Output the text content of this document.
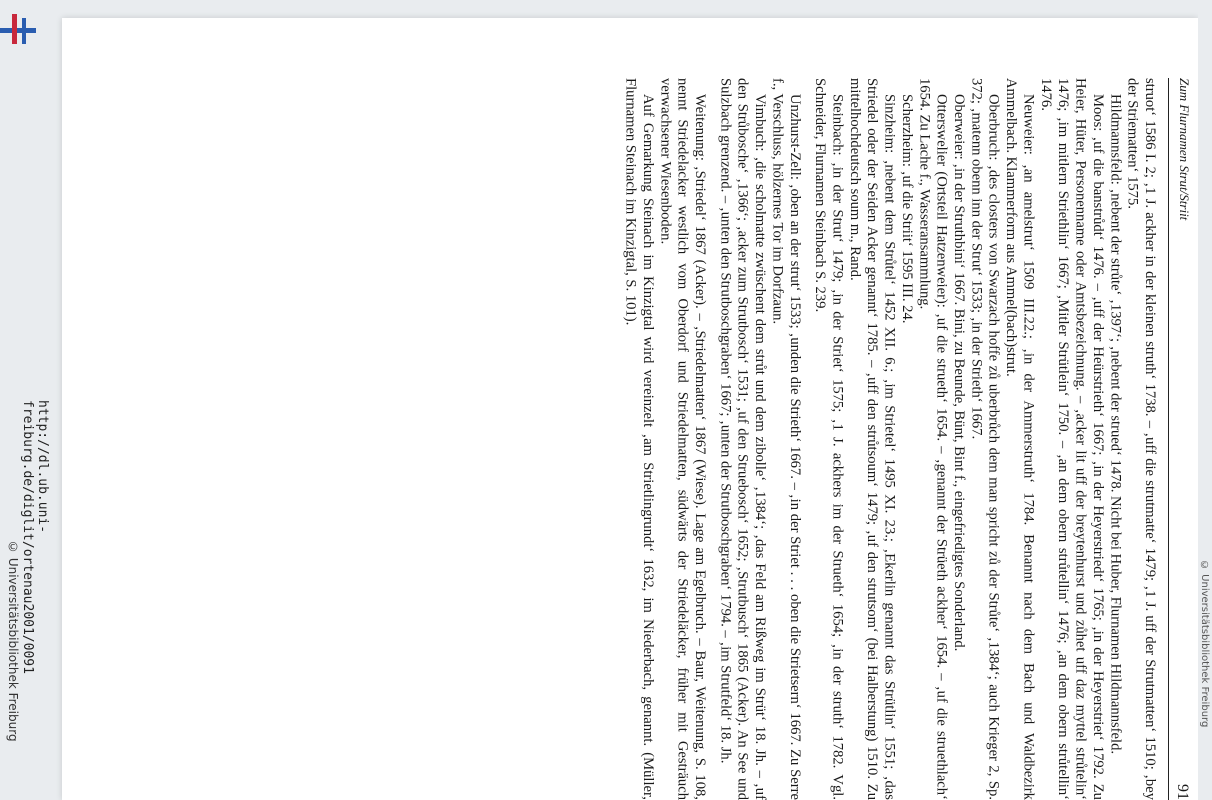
Zum Flurnamen Strut/Striit
91

struot‘ 1586 I. 2; ‚1 J. ackher in der kleinen struth‘ 1738. – ‚uff die strutmatte‘ 1479; ‚1 J. uff der Strutmatten‘ 1510; ‚bey der Striematten‘ 1575.

Hildmannsfeld: ‚nebent der strůte‘ ‚1397‘; ‚nebent der strued‘ 1478. Nicht bei Huber, Flurnamen Hildmannsfeld.

Moos: ‚uf die banstrůdt‘ 1476. – ‚uff der Heürstrieth‘ 1667; ‚in der Heyerstriedt‘ 1765; ‚in der Heyerstriet‘ 1792. Zu Heier, Hüter, Personenname oder Amtsbezeichnung. – ‚acker lit uff der breytenhurst und zůhet uff daz myttel strůtelin‘ 1476; ‚im mitlern Striethlin‘ 1667; ‚Mitler Strütlein‘ 1750. – ‚an dem obern strůtellin‘ 1476; ‚an dem obern strůtellin‘ 1476.

Neuweier: ‚an amelstrut‘ 1509 III.22.; ‚in der Ammerstruth‘ 1784. Benannt nach dem Bach und Waldbezirk Ammelbach. Klammerform aus Ammel(bach)strut.

Oberbruch: ‚des closters von Swarzach hoffe zů uberbrůch dem man spricht zů der Strůte‘ ‚1384‘; auch Krieger 2, Sp. 372; ‚matenn obenn inn der Strut‘ 1533; ‚in der Strieth‘ 1667.

Oberweier: ‚in der Struthbini‘ 1667. Bini, zu Beunde, Bünt, Bint f., eingefriedigtes Sonderland.

Otterswelier (Ortsteil Hatzenweier): ‚uf die strueth‘ 1654. – ‚genannt der Strüeth ackher‘ 1654. – ‚uf die struethlach‘ 1654. Zu Lache f., Wasseransammlung.

Scherzheim: ‚uf die Striit‘ 1595 III. 24.

Sinzheim: ‚nebent dem Strůtel‘ 1452 XII. 6.; ‚im Strietel‘ 1495 XI. 23.; ‚Ekerlin genannt das Strütlin‘ 1551; ‚das Striedel oder der Seiden Acker genannt‘ 1785. – ‚uff den strůtsoum‘ 1479; ‚uf den strutsom‘ (bei Halberstung) 1510. Zu mittelhochdeutsch soum m., Rand.

Steinbach: ‚in der Strut‘ 1479; ‚in der Striet‘ 1575; ‚1 J. ackhers im der Strueth‘ 1654; ‚in der struth‘ 1782. Vgl. Schneider, Flurnamen Steinbach S. 239.

Unzhurst-Zell: ‚oben an der strut‘ 1533; ‚unden die Strieth‘ 1667. – ‚in der Striet . . . oben die Strietsern‘ 1667. Zu Serre f., Verschluss, hölzernes Tor im Dorfzaun.

Vimbuch: ‚die scholmatte zwüschent dem strůt und dem zibolle‘ ‚1384‘; ‚das Feld am Rißweg im Strüt‘ 18. Jh. – ‚uf den Strůbosche‘ ‚1366‘; ‚acker zum Strutbosch‘ 1531; ‚uf den Struebosch‘ 1652; ‚Strutbusch‘ 1865 (Acker). An See und Sulzbach grenzend. – ‚unten den Strutboschgraben‘ 1667; ‚unten der Strutboschgraben‘ 1794. – ‚im Strutfeld‘ 18. Jh.

Weitenung: ‚Striedel‘ 1867 (Acker). – ‚Striedelmatten‘ 1867 (Wiese). Lage am Egelbruch. – Baur, Weitenung, S. 108, nennt Striedelacker westlich vom Oberdorf und Striedelmatten, südwärts der Striedeläcker, früher mit Gesträuch verwachsener Wiesenboden.

Auf Gemarkung Steinach im Kinzigtal wird vereinzelt ‚am Strietlingrundt‘ 1632, im Niederbach, genannt. (Müller, Flurnamen Steinach im Kinzigtal, S. 101).

http://dl.ub.uni-freiburg.de/diglit/ortenau2001/0091
© Universitätsbibliothek Freiburg	© Universitätsbibliothek Freiburg
